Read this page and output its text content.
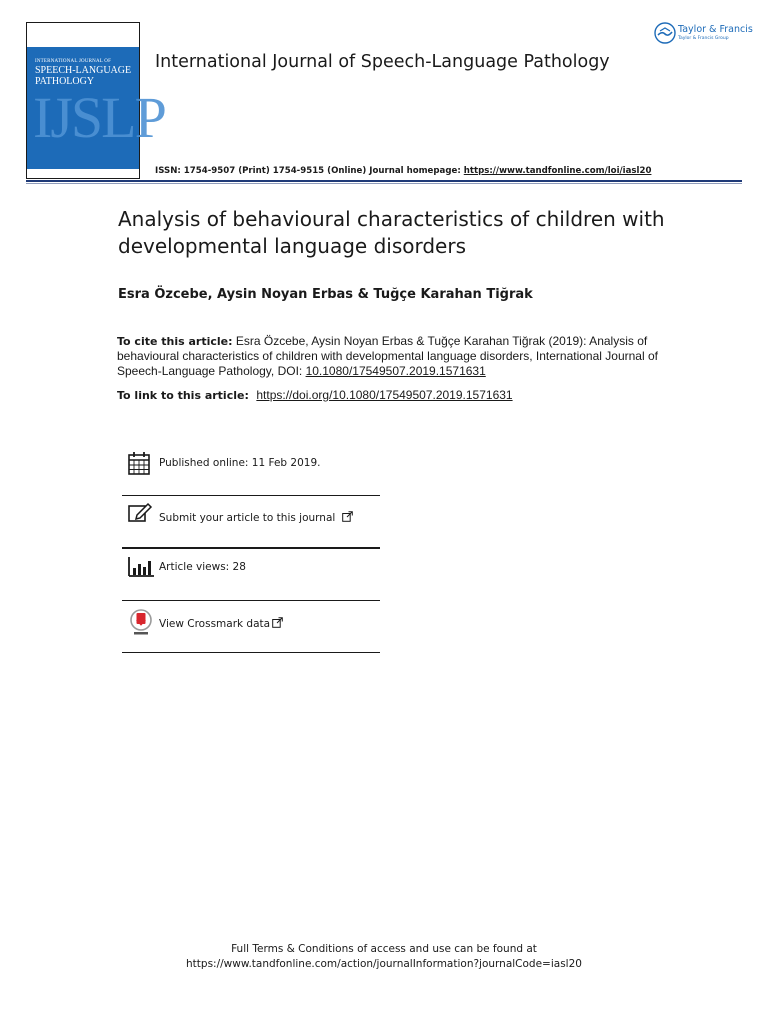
INTERNATIONAL JOURNAL OF
SPEECH-LANGUAGE
PATHOLOGY
IJSLP
International Journal of Speech-Language Pathology
Taylor & Francis
Taylor & Francis Group
ISSN: 1754-9507 (Print) 1754-9515 (Online) Journal homepage: https://www.tandfonline.com/loi/iasl20
Analysis of behavioural characteristics of children with developmental language disorders
Esra Özcebe, Aysin Noyan Erbas & Tuğçe Karahan Tiğrak
To cite this article: Esra Özcebe, Aysin Noyan Erbas & Tuğçe Karahan Tiğrak (2019): Analysis of behavioural characteristics of children with developmental language disorders, International Journal of Speech-Language Pathology, DOI: 10.1080/17549507.2019.1571631
To link to this article: https://doi.org/10.1080/17549507.2019.1571631
Published online: 11 Feb 2019.
Submit your article to this journal
Article views: 28
View Crossmark data
Full Terms & Conditions of access and use can be found at
https://www.tandfonline.com/action/journalInformation?journalCode=iasl20
